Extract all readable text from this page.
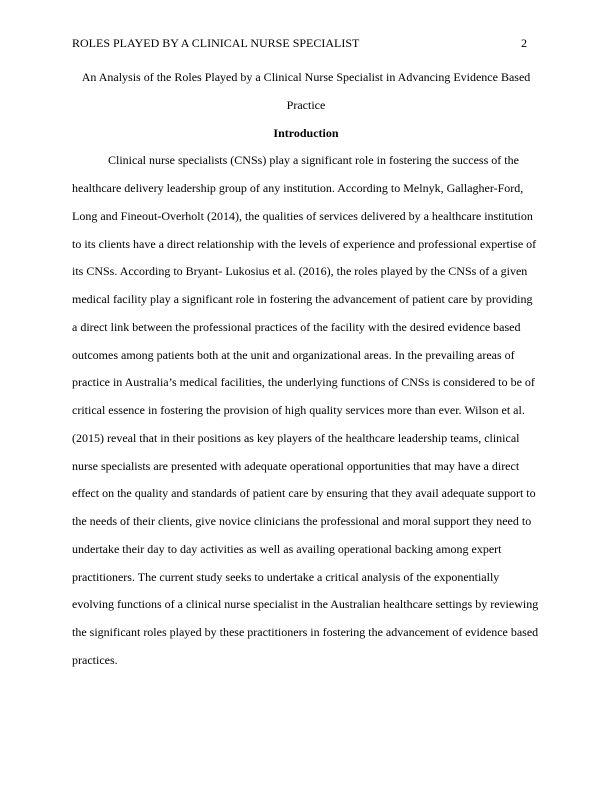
ROLES PLAYED BY A CLINICAL NURSE SPECIALIST	2

An Analysis of the Roles Played by a Clinical Nurse Specialist in Advancing Evidence Based Practice

Introduction

Clinical nurse specialists (CNSs) play a significant role in fostering the success of the healthcare delivery leadership group of any institution. According to Melnyk, Gallagher-Ford, Long and Fineout-Overholt (2014), the qualities of services delivered by a healthcare institution to its clients have a direct relationship with the levels of experience and professional expertise of its CNSs. According to Bryant- Lukosius et al. (2016), the roles played by the CNSs of a given medical facility play a significant role in fostering the advancement of patient care by providing a direct link between the professional practices of the facility with the desired evidence based outcomes among patients both at the unit and organizational areas. In the prevailing areas of practice in Australia’s medical facilities, the underlying functions of CNSs is considered to be of critical essence in fostering the provision of high quality services more than ever. Wilson et al. (2015) reveal that in their positions as key players of the healthcare leadership teams, clinical nurse specialists are presented with adequate operational opportunities that may have a direct effect on the quality and standards of patient care by ensuring that they avail adequate support to the needs of their clients, give novice clinicians the professional and moral support they need to undertake their day to day activities as well as availing operational backing among expert practitioners. The current study seeks to undertake a critical analysis of the exponentially evolving functions of a clinical nurse specialist in the Australian healthcare settings by reviewing the significant roles played by these practitioners in fostering the advancement of evidence based practices.
